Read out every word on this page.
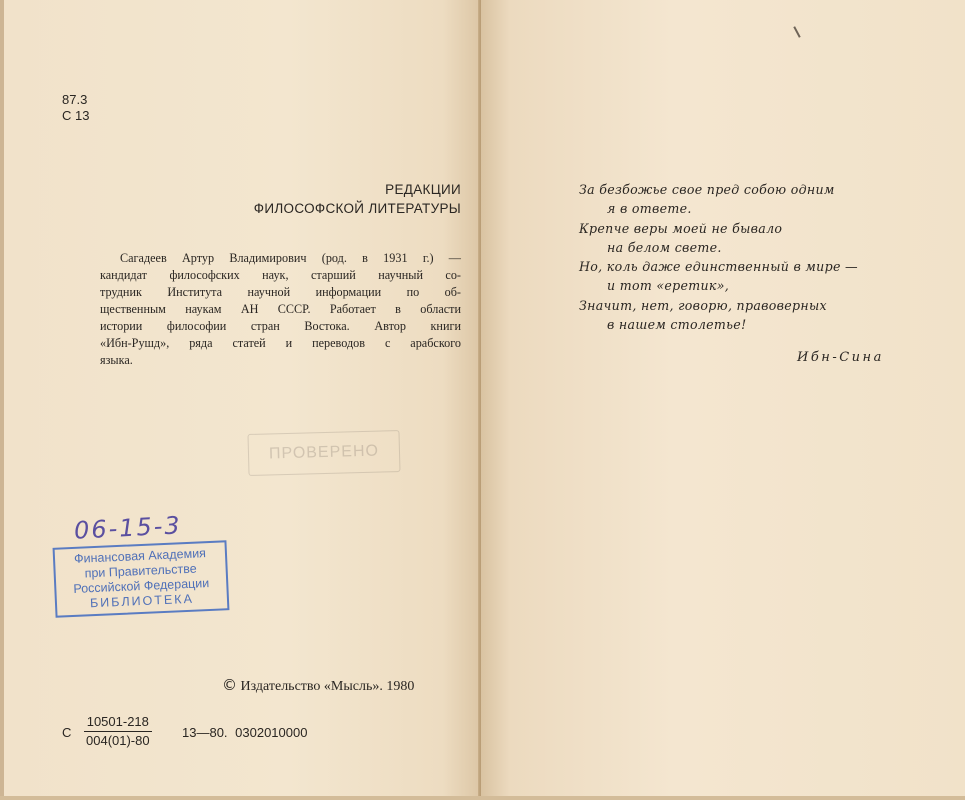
87.3
С 13
РЕДАКЦИИ
ФИЛОСОФСКОЙ ЛИТЕРАТУРЫ
Сагадеев Артур Владимирович (род. в 1931 г.) —
кандидат философских наук, старший научный со-
трудник Института научной информации по об-
щественным наукам АН СССР. Работает в области
истории философии стран Востока. Автор книги
«Ибн-Рушд», ряда статей и переводов с арабского
языка.
ПРОВЕРЕНО
06-15-3
Финансовая Академия
при Правительстве
Российской Федерации
БИБЛИОТЕКА
© Издательство «Мысль». 1980
С $\frac{10501-218}{004(01)-80}$ 13—80. 0302010000
За безбожье свое пред собою одним
я в ответе.
Крепче веры моей не бывало
на белом свете.
Но, коль даже единственный в мире —
и тот «еретик»,
Значит, нет, говорю, правоверных
в нашем столетье!
Ибн-Сина
